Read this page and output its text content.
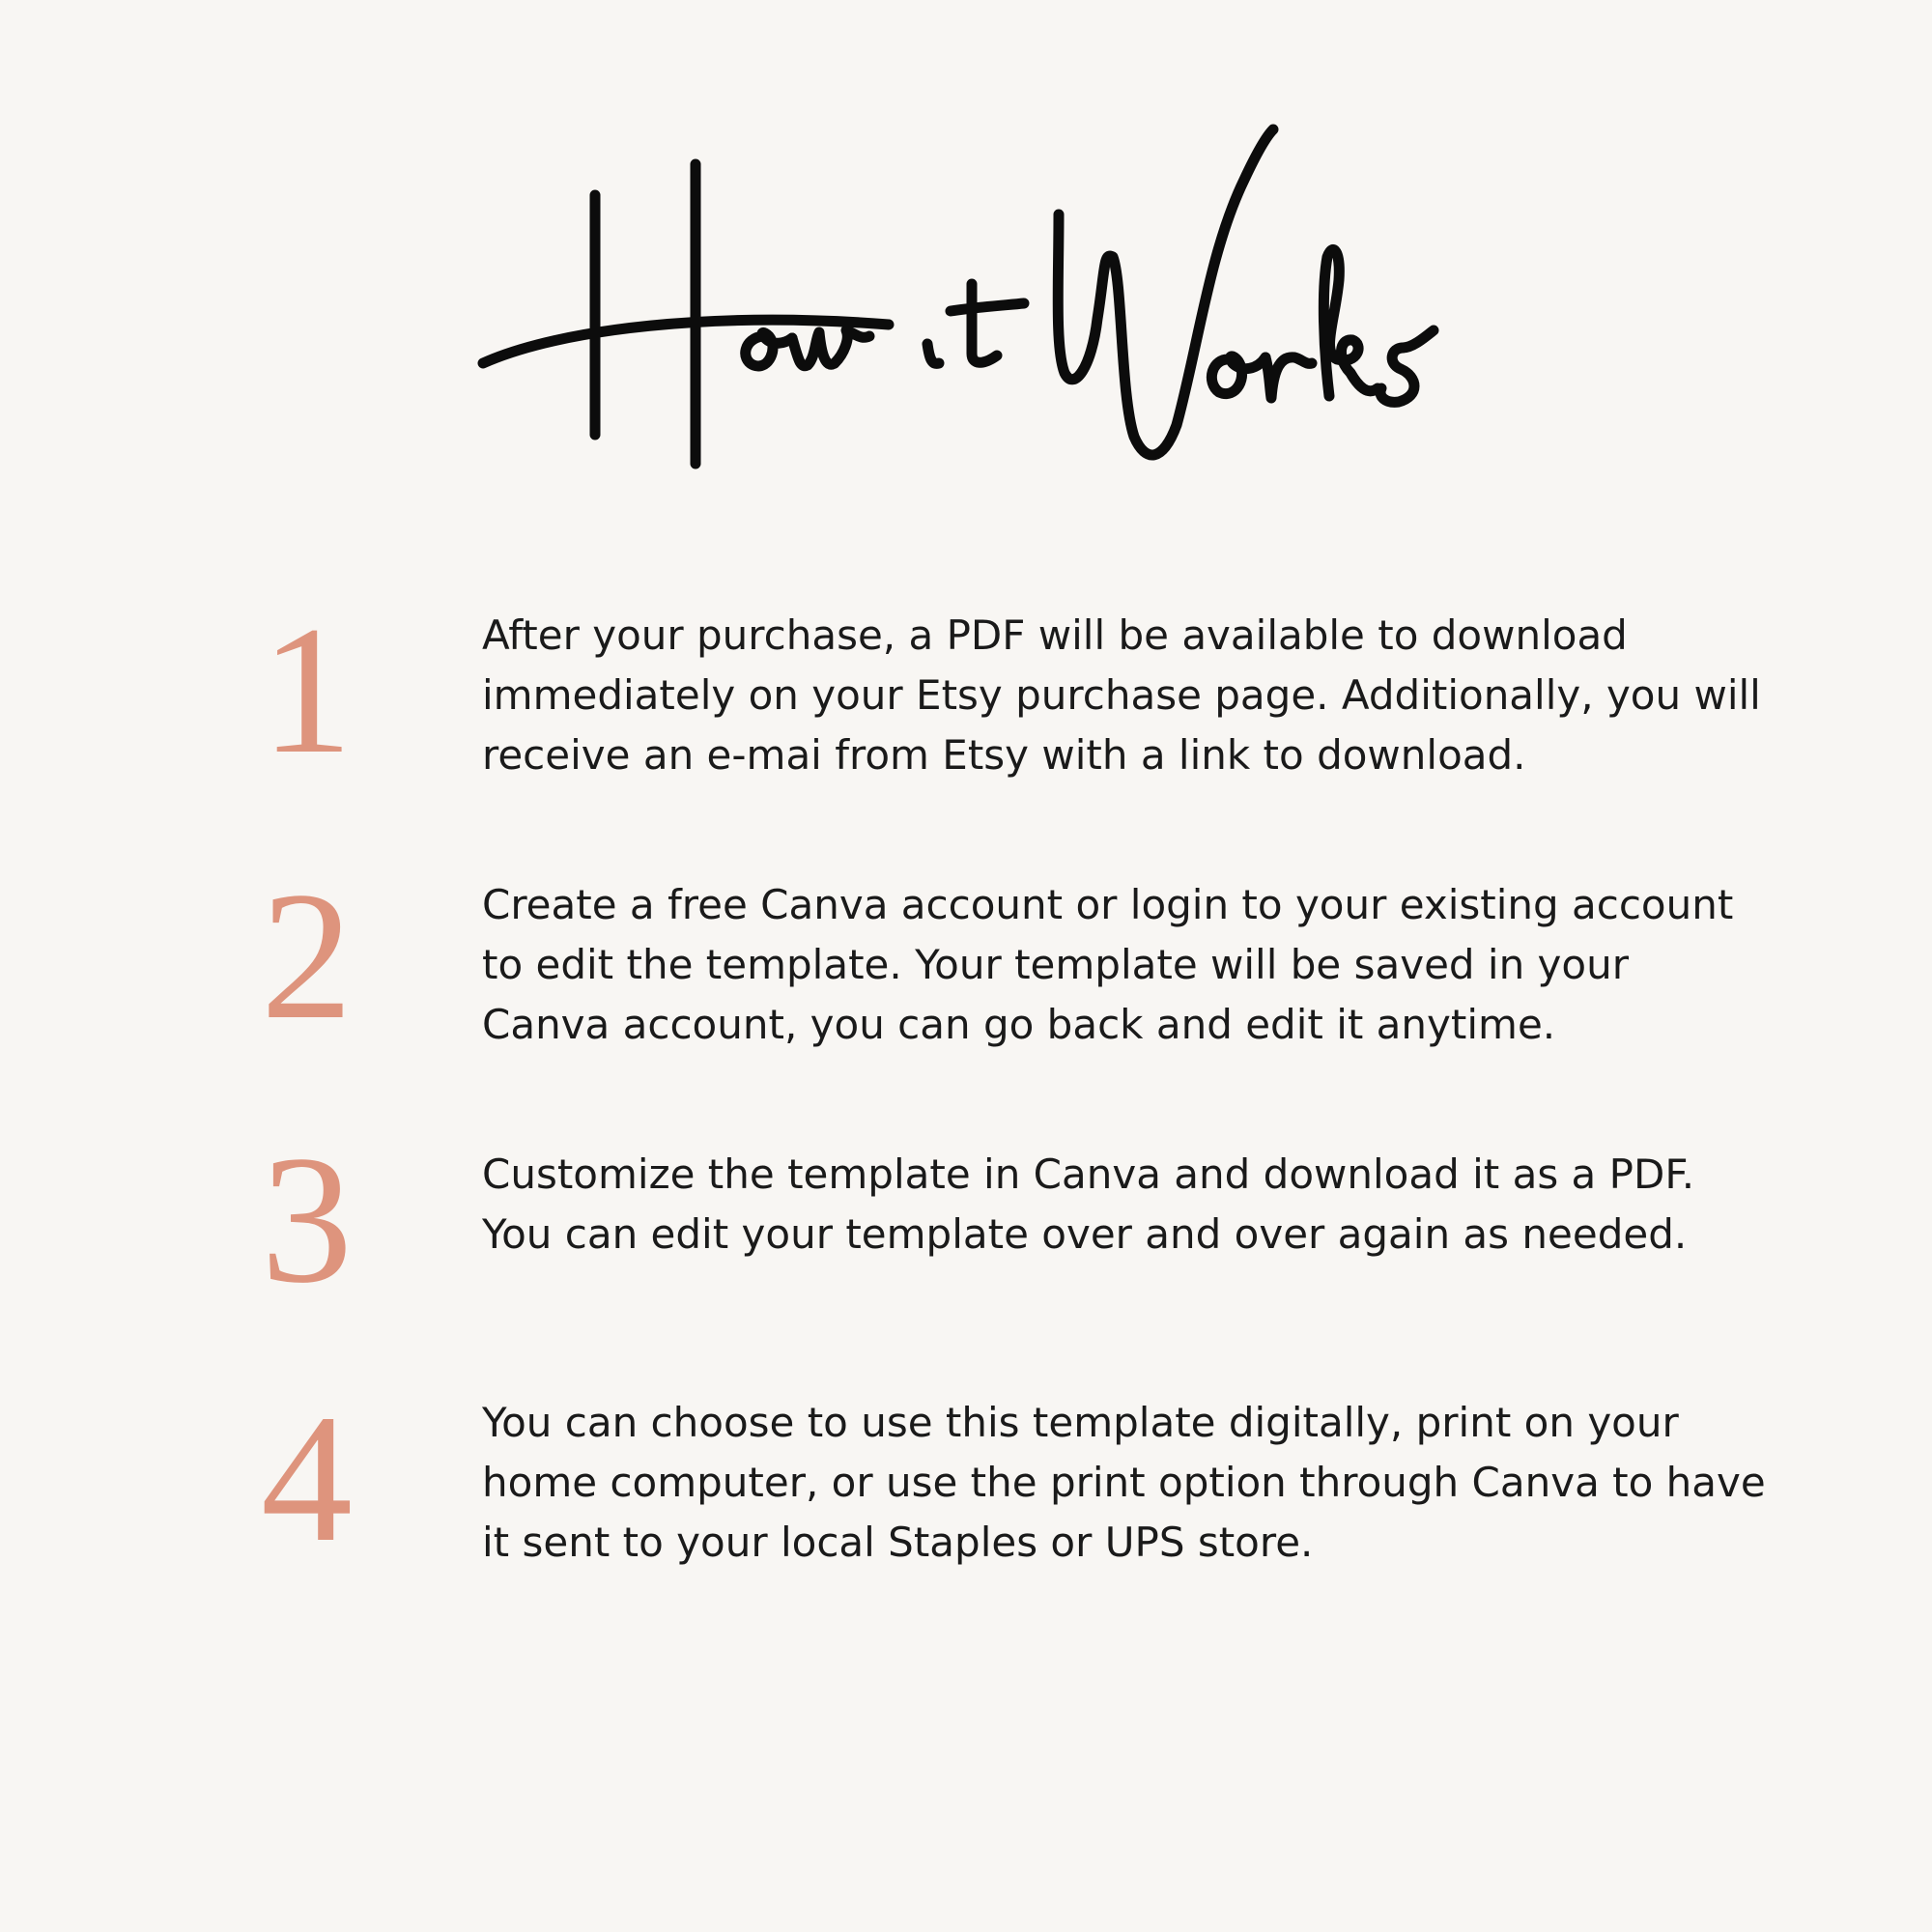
1	After your purchase, a PDF will be available to download immediately on your Etsy purchase page. Additionally, you will receive an e-mai from Etsy with a link to download.

2	Create a free Canva account or login to your existing account to edit the template. Your template will be saved in your Canva account, you can go back and edit it anytime.

3	Customize the template in Canva and download it as a PDF. You can edit your template over and over again as needed.

4	You can choose to use this template digitally, print on your home computer, or use the print option through Canva to have it sent to your local Staples or UPS store.
